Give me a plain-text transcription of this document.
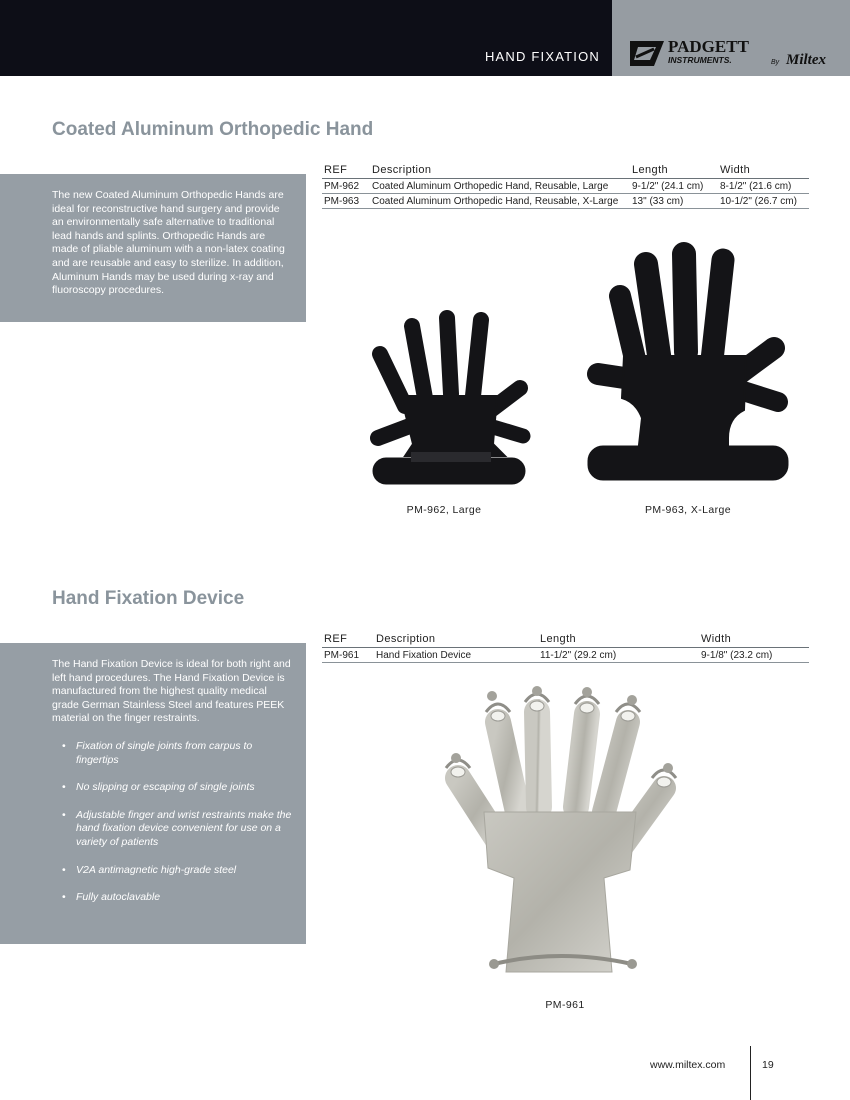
HAND FIXATION
PADGETT
INSTRUMENTS.	By Miltex
Coated Aluminum Orthopedic Hand
The new Coated Aluminum Orthopedic Hands are ideal for reconstructive hand surgery and provide an environmentally safe alternative to traditional lead hands and splints. Orthopedic Hands are made of pliable aluminum with a non-latex coating and are reusable and easy to sterilize. In addition, Aluminum Hands may be used during x-ray and fluoroscopy procedures.
REF	Description	Length	Width
PM-962	Coated Aluminum Orthopedic Hand, Reusable, Large	9-1/2" (24.1 cm)	8-1/2" (21.6 cm)
PM-963	Coated Aluminum Orthopedic Hand, Reusable, X-Large	13" (33 cm)	10-1/2" (26.7 cm)
PM-962, Large	PM-963, X-Large
Hand Fixation Device
The Hand Fixation Device is ideal for both right and left hand procedures. The Hand Fixation Device is manufactured from the highest quality medical grade German Stainless Steel and features PEEK material on the finger restraints.
• Fixation of single joints from carpus to fingertips
• No slipping or escaping of single joints
• Adjustable finger and wrist restraints make the hand fixation device convenient for use on a variety of patients
• V2A antimagnetic high-grade steel
• Fully autoclavable
REF	Description	Length	Width
PM-961	Hand Fixation Device	11-1/2" (29.2 cm)	9-1/8" (23.2 cm)
PM-961
www.miltex.com	19
